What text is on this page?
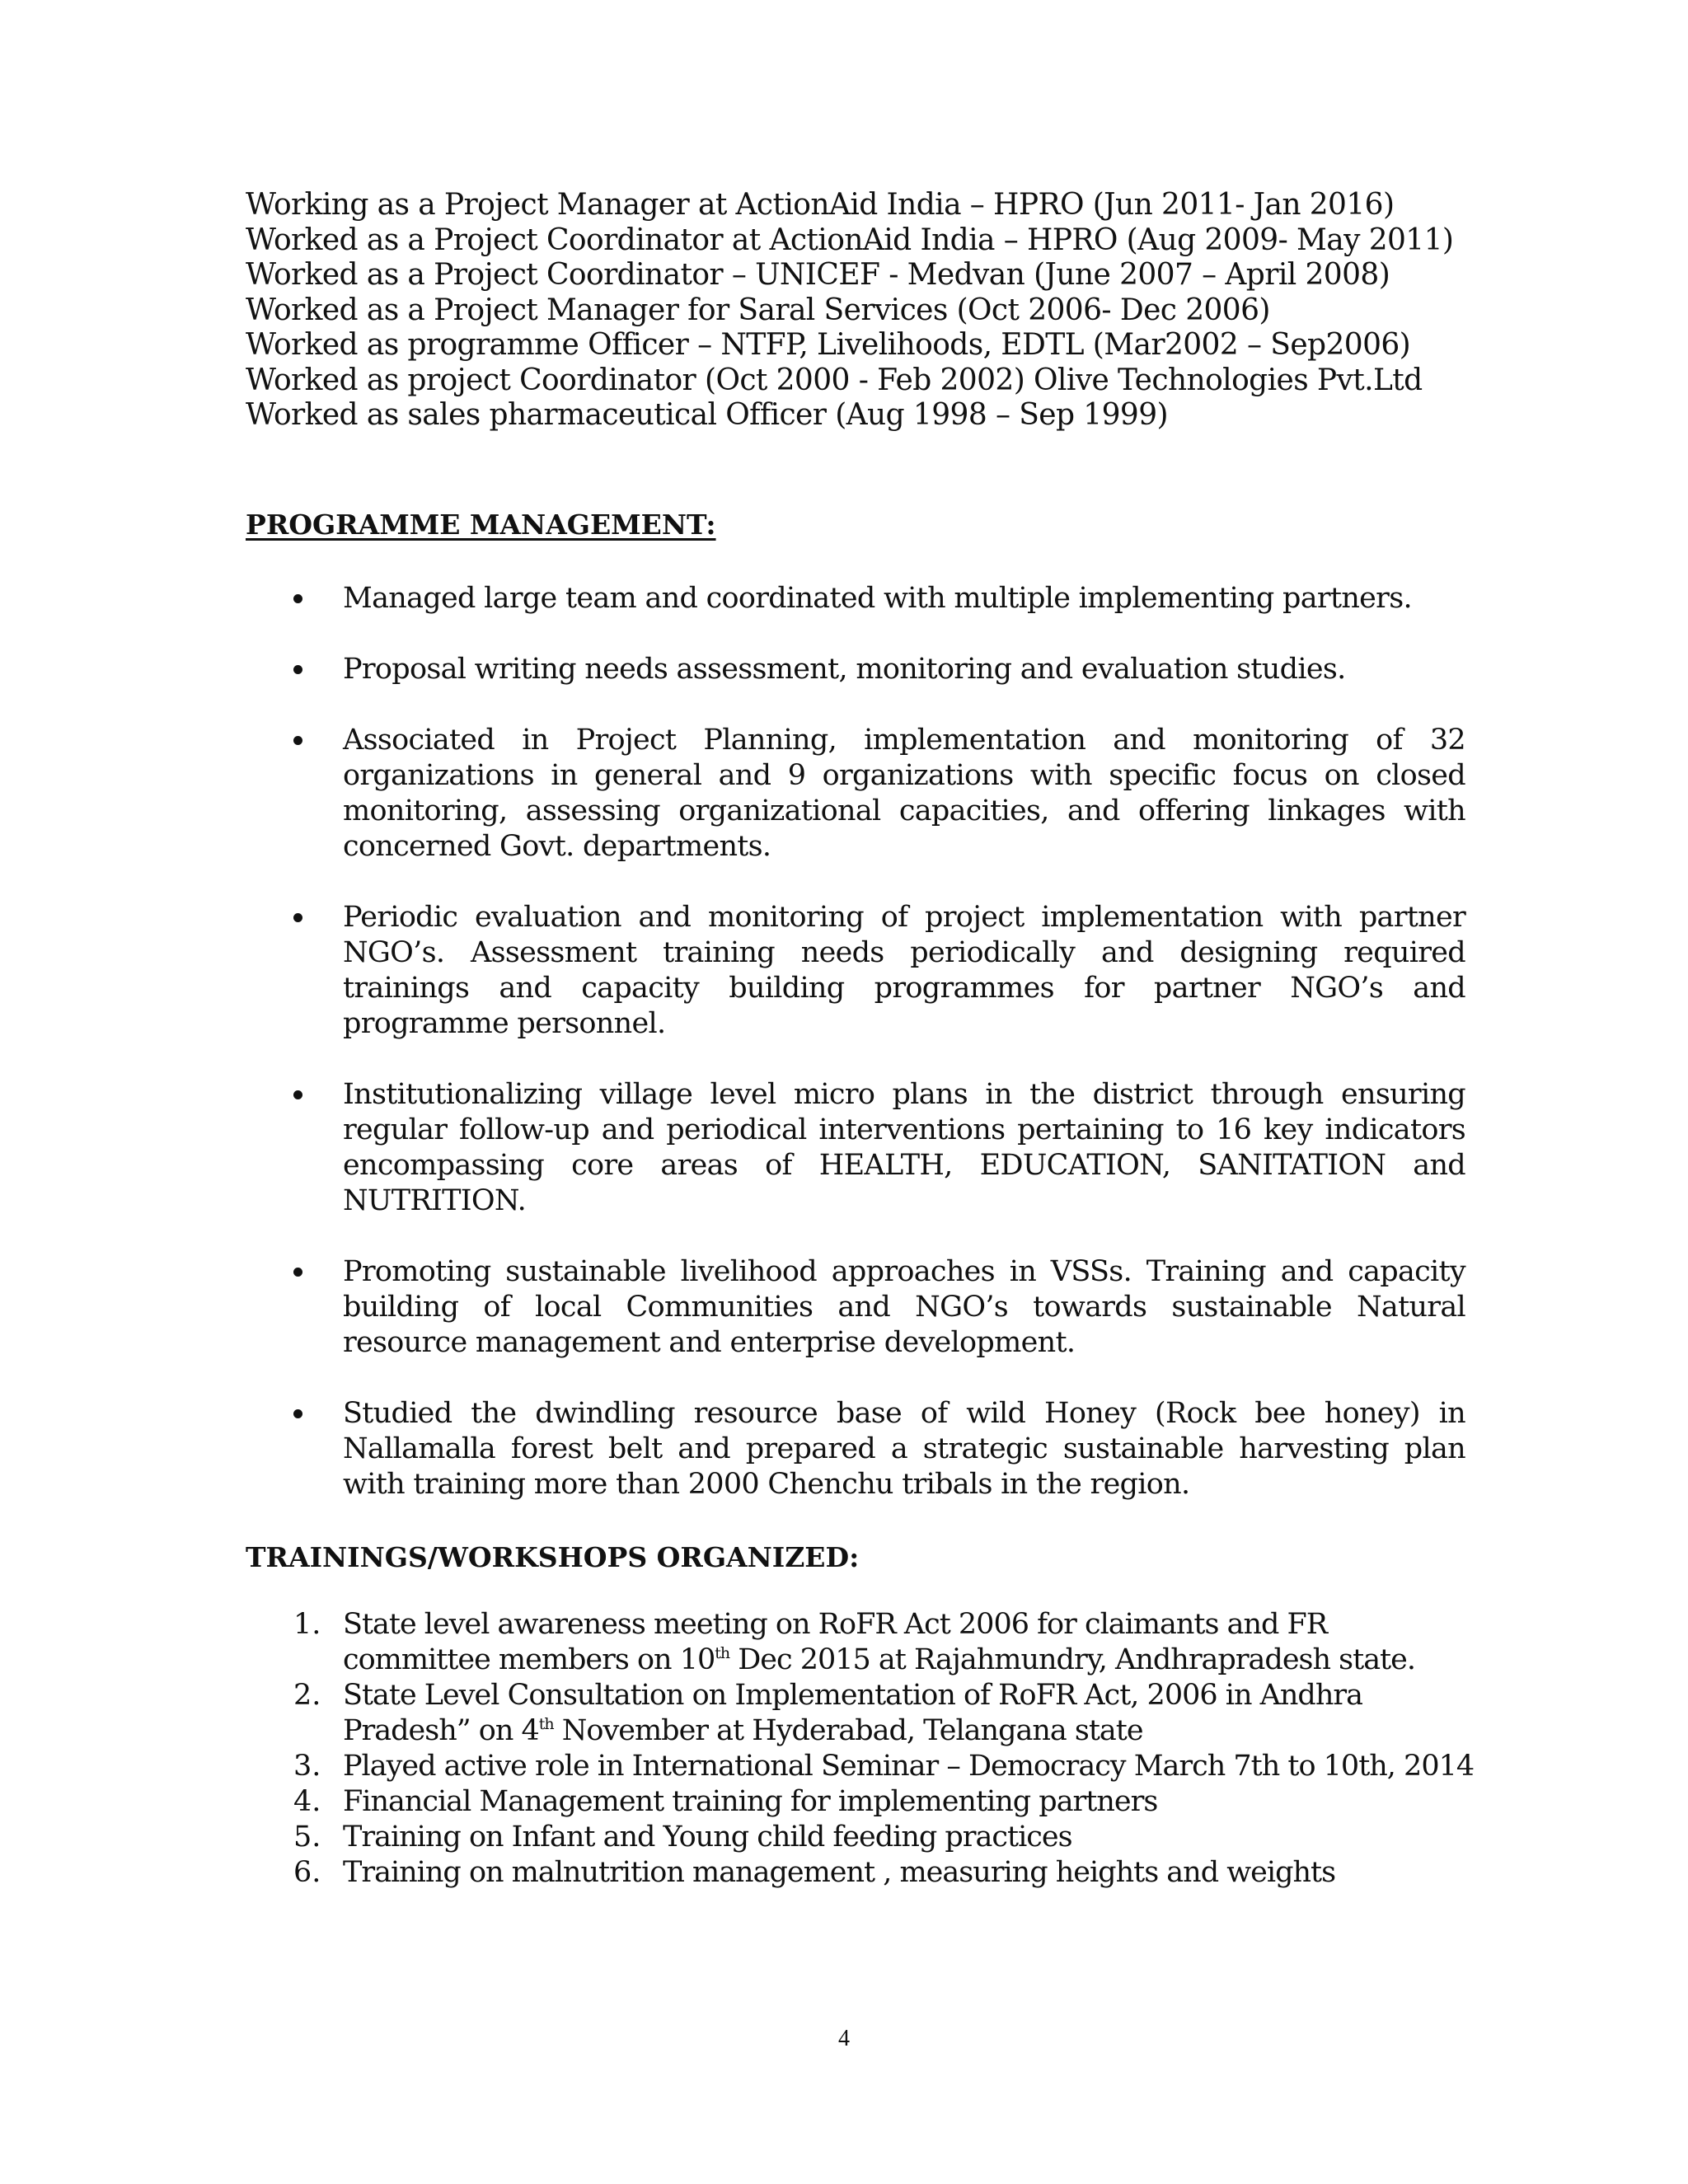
Working as a Project Manager at ActionAid India – HPRO (Jun 2011- Jan 2016)
Worked as a Project Coordinator at ActionAid India – HPRO (Aug 2009- May 2011)
Worked as a Project Coordinator – UNICEF - Medvan (June 2007 – April 2008)
Worked as a Project Manager for Saral Services (Oct 2006- Dec 2006)
Worked as programme Officer – NTFP, Livelihoods, EDTL (Mar2002 – Sep2006)
Worked as project Coordinator (Oct 2000 - Feb 2002) Olive Technologies Pvt.Ltd
Worked as sales pharmaceutical Officer (Aug 1998 – Sep 1999)
PROGRAMME MANAGEMENT:
Managed large team and coordinated with multiple implementing partners.
Proposal writing needs assessment, monitoring and evaluation studies.
Associated in Project Planning, implementation and monitoring of 32 organizations in general and 9 organizations with specific focus on closed monitoring, assessing organizational capacities, and offering linkages with concerned Govt. departments.
Periodic evaluation and monitoring of project implementation with partner NGO’s. Assessment training needs periodically and designing required trainings and capacity building programmes for partner NGO’s and programme personnel.
Institutionalizing village level micro plans in the district through ensuring regular follow-up and periodical interventions pertaining to 16 key indicators encompassing core areas of HEALTH, EDUCATION, SANITATION and NUTRITION.
Promoting sustainable livelihood approaches in VSSs. Training and capacity building of local Communities and NGO’s towards sustainable Natural resource management and enterprise development.
Studied the dwindling resource base of wild Honey (Rock bee honey) in Nallamalla forest belt and prepared a strategic sustainable harvesting plan with training more than 2000 Chenchu tribals in the region.
TRAININGS/WORKSHOPS ORGANIZED:
1. State level awareness meeting on RoFR Act 2006 for claimants and FR committee members on 10th Dec 2015 at Rajahmundry, Andhrapradesh state.
2. State Level Consultation on Implementation of RoFR Act, 2006 in Andhra Pradesh” on 4th November at Hyderabad, Telangana state
3. Played active role in International Seminar – Democracy March 7th to 10th, 2014
4. Financial Management training for implementing partners
5. Training on Infant and Young child feeding practices
6. Training on malnutrition management , measuring heights and weights
4
